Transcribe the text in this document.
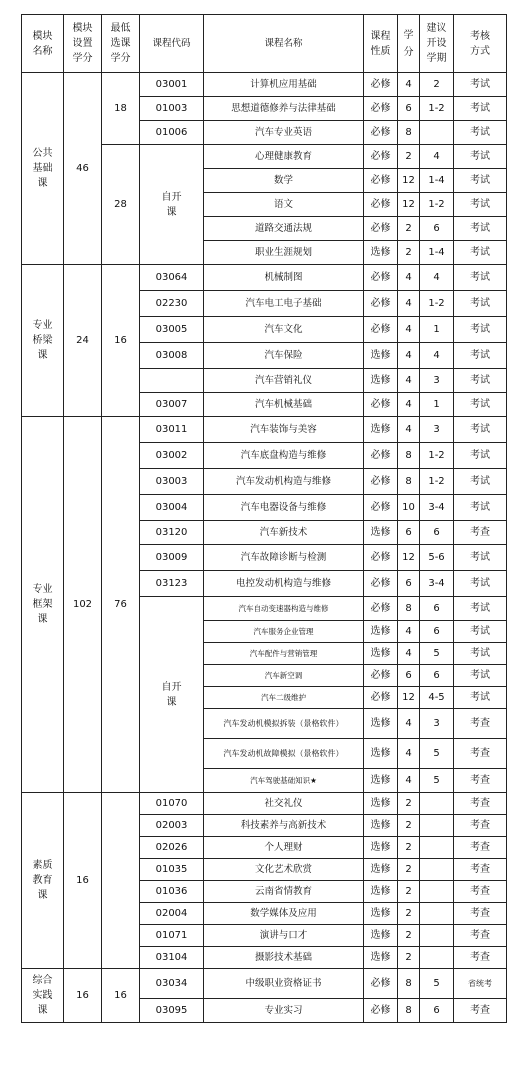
模块名称	模块设置学分	最低选课学分	课程代码	课程名称	课程性质	学分	建议开设学期	考核方式
公共基础课	46	18	03001	计算机应用基础	必修	4	2	考试
			01003	思想道德修养与法律基础	必修	6	1-2	考试
			01006	汽车专业英语	必修	8		考试
		28	自开课	心理健康教育	必修	2	4	考试
				数学	必修	12	1-4	考试
				语文	必修	12	1-2	考试
				道路交通法规	必修	2	6	考试
				职业生涯规划	选修	2	1-4	考试
专业桥梁课	24	16	03064	机械制图	必修	4	4	考试
			02230	汽车电工电子基础	必修	4	1-2	考试
			03005	汽车文化	必修	4	1	考试
			03008	汽车保险	选修	4	4	考试
				汽车营销礼仪	选修	4	3	考试
			03007	汽车机械基础	必修	4	1	考试
专业框架课	102	76	03011	汽车装饰与美容	选修	4	3	考试
			03002	汽车底盘构造与维修	必修	8	1-2	考试
			03003	汽车发动机构造与维修	必修	8	1-2	考试
			03004	汽车电器设备与维修	必修	10	3-4	考试
			03120	汽车新技术	选修	6	6	考查
			03009	汽车故障诊断与检测	必修	12	5-6	考试
			03123	电控发动机构造与维修	必修	6	3-4	考试
			自开课	汽车自动变速器构造与维修	必修	8	6	考试
				汽车服务企业管理	选修	4	6	考试
				汽车配件与营销管理	选修	4	5	考试
				汽车新空调	必修	6	6	考试
				汽车二级维护	必修	12	4-5	考试
				汽车发动机模拟拆装（景格软件）	选修	4	3	考查
				汽车发动机故障模拟（景格软件）	选修	4	5	考查
				汽车驾驶基础知识★	选修	4	5	考查
素质教育课	16		01070	社交礼仪	选修	2		考查
			02003	科技素养与高新技术	选修	2		考查
			02026	个人理财	选修	2		考查
			01035	文化艺术欣赏	选修	2		考查
			01036	云南省情教育	选修	2		考查
			02004	数学媒体及应用	选修	2		考查
			01071	演讲与口才	选修	2		考查
			03104	摄影技术基础	选修	2		考查
综合实践课	16	16	03034	中级职业资格证书	必修	8	5	省统考
			03095	专业实习	必修	8	6	考查
